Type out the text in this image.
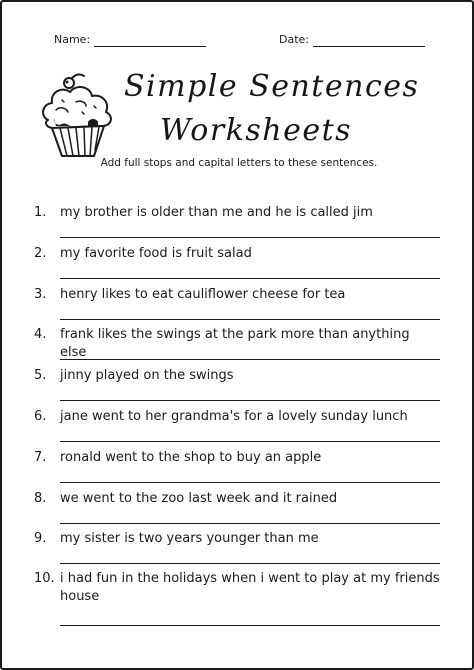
Name:	Date:
Simple Sentences
Worksheets
Add full stops and capital letters to these sentences.
1. my brother is older than me and he is called jim
2. my favorite food is fruit salad
3. henry likes to eat cauliflower cheese for tea
4. frank likes the swings at the park more than anything else
5. jinny played on the swings
6. jane went to her grandma's for a lovely sunday lunch
7. ronald went to the shop to buy an apple
8. we went to the zoo last week and it rained
9. my sister is two years younger than me
10. i had fun in the holidays when i went to play at my friends house
